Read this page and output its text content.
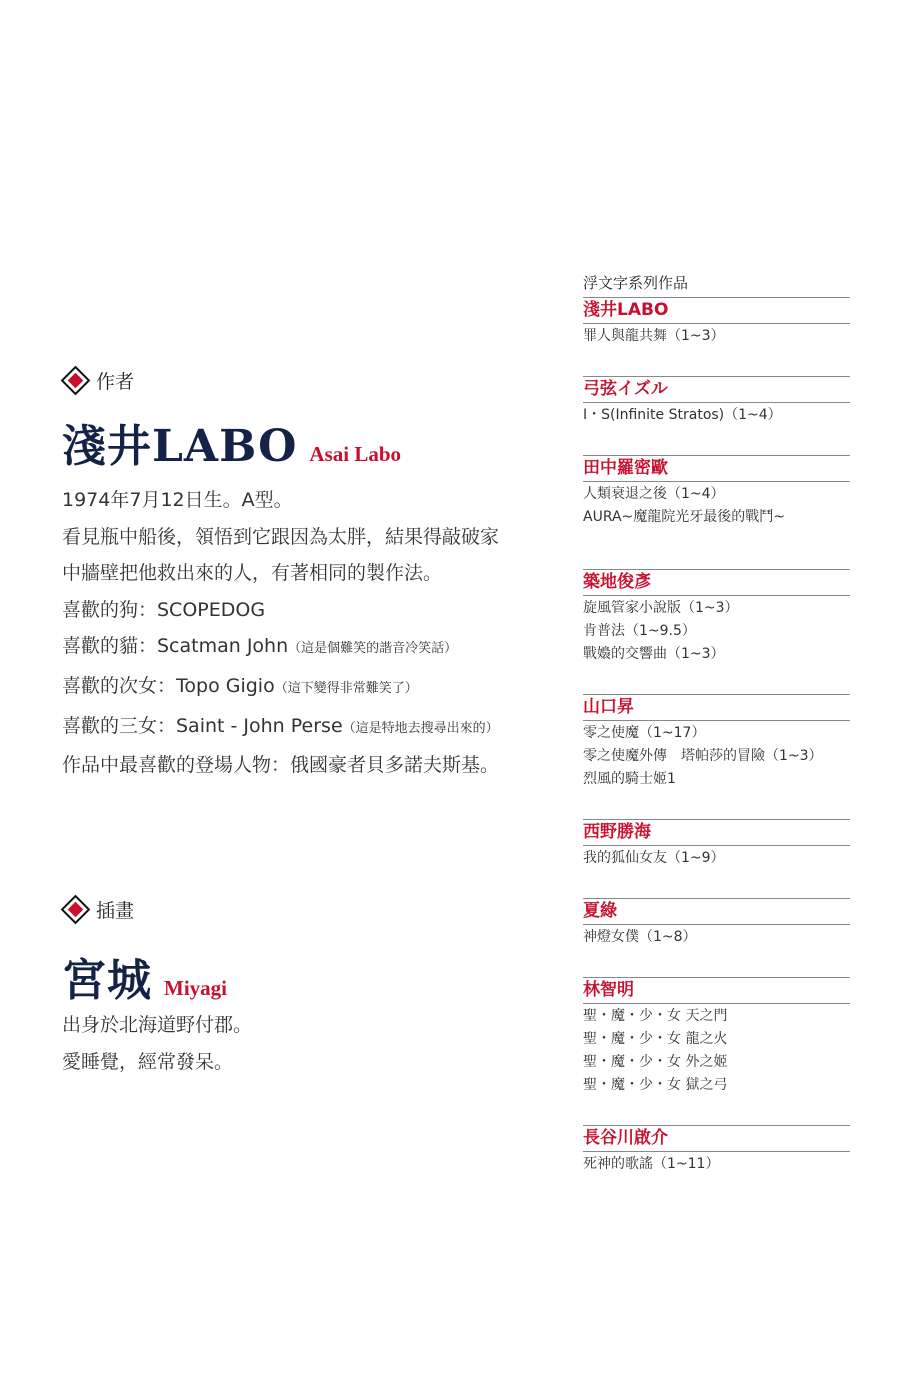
作者
淺井LABO Asai Labo
1974年7月12日生。A型。
看見瓶中船後，領悟到它跟因為太胖，結果得敲破家
中牆壁把他救出來的人，有著相同的製作法。
喜歡的狗：SCOPEDOG
喜歡的貓：Scatman John（這是個難笑的諧音冷笑話）
喜歡的次女：Topo Gigio（這下變得非常難笑了）
喜歡的三女：Saint - John Perse（這是特地去搜尋出來的）
作品中最喜歡的登場人物：俄國豪者貝多諾夫斯基。
插畫
宮城 Miyagi
出身於北海道野付郡。
愛睡覺，經常發呆。
浮文字系列作品
淺井LABO
罪人與龍共舞（1~3）
弓弦イズル
I・S(Infinite Stratos)（1~4）
田中羅密歐
人類衰退之後（1~4）
AURA~魔龍院光牙最後的戰鬥~
築地俊彥
旋風管家小說版（1~3）
肯普法（1~9.5）
戰嬝的交響曲（1~3）
山口昇
零之使魔（1~17）
零之使魔外傳　塔帕莎的冒險（1~3）
烈風的騎士姬1
西野勝海
我的狐仙女友（1~9）
夏綠
神燈女僕（1~8）
林智明
聖・魔・少・女 天之門
聖・魔・少・女 龍之火
聖・魔・少・女 外之姬
聖・魔・少・女 獄之弓
長谷川啟介
死神的歌謠（1~11）
